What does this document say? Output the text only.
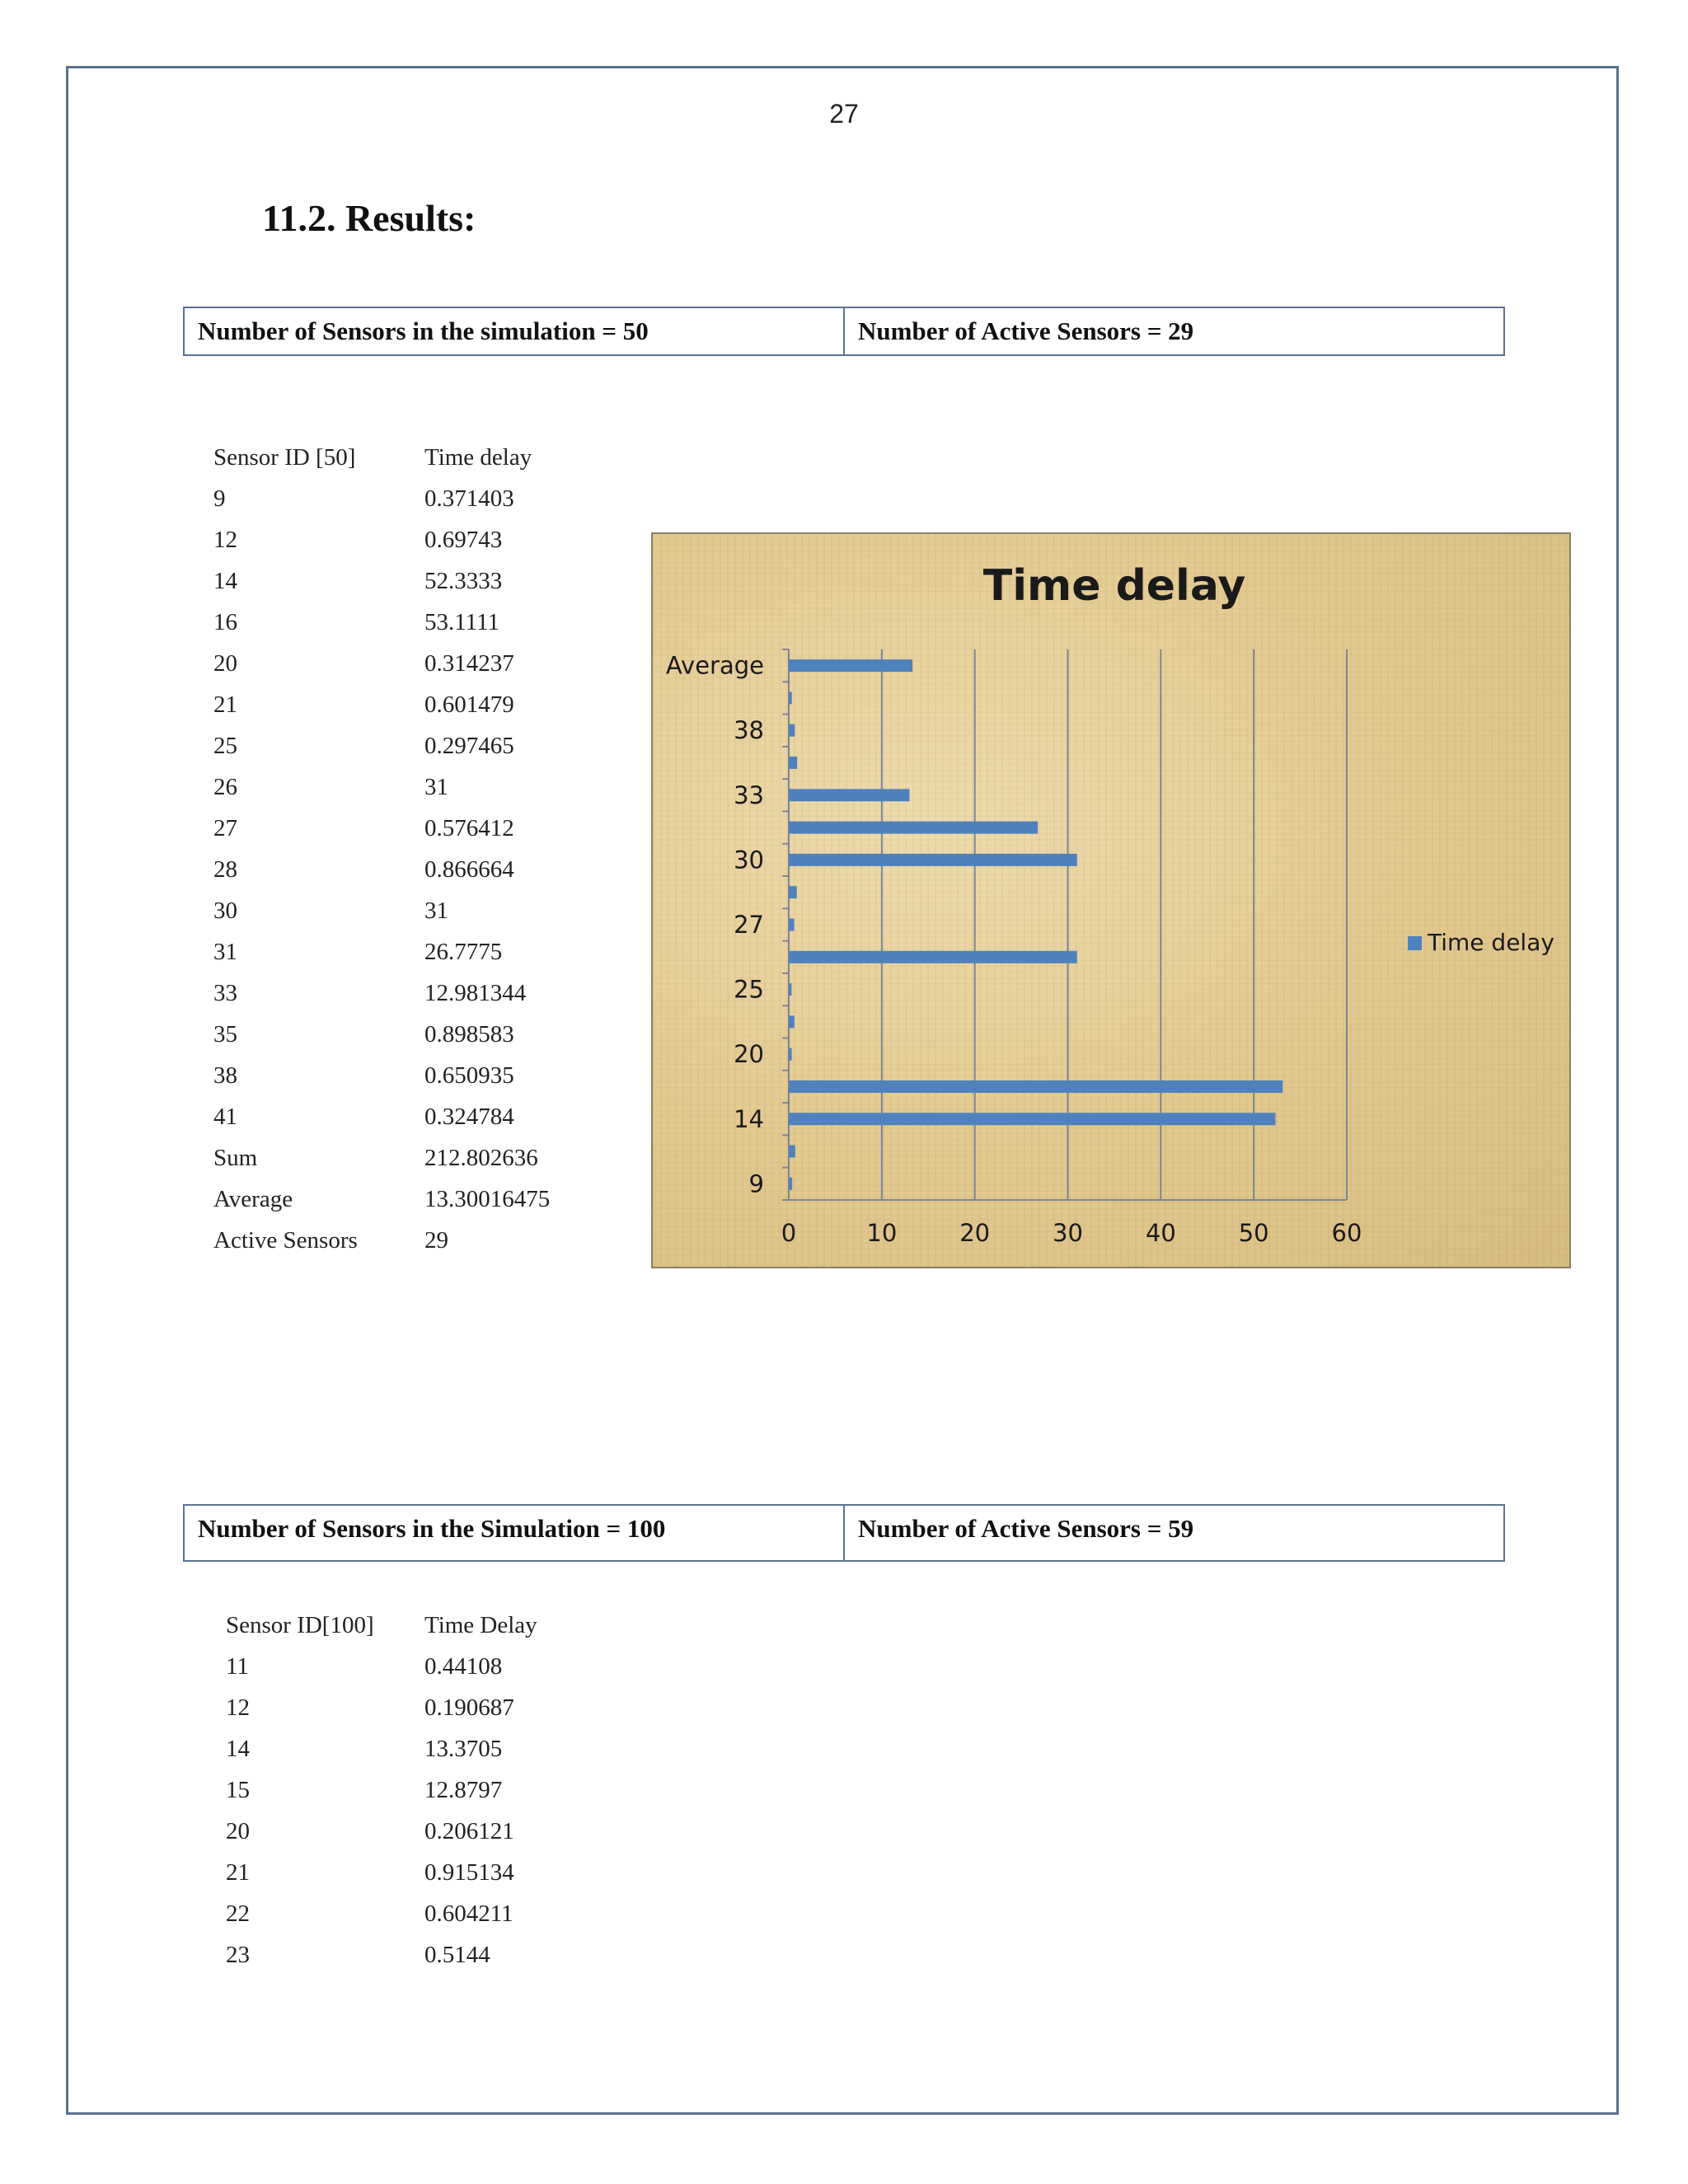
27
11.2. Results:
Number of Sensors in the simulation = 50	Number of Active Sensors = 29
Sensor ID [50]	Time delay
9	0.371403
12	0.69743
14	52.3333
16	53.1111
20	0.314237
21	0.601479
25	0.297465
26	31
27	0.576412
28	0.866664
30	31
31	26.7775
33	12.981344
35	0.898583
38	0.650935
41	0.324784
Sum	212.802636
Average	13.30016475
Active Sensors	29
Time delay
0	10	20	30	40	50	60
9
14
20
25
27
30
33
38
Average
Time delay
Number of Sensors in the Simulation = 100	Number of Active Sensors = 59
Sensor ID[100] Time Delay
11	0.44108
12	0.190687
14	13.3705
15	12.8797
20	0.206121
21	0.915134
22	0.604211
23	0.5144
